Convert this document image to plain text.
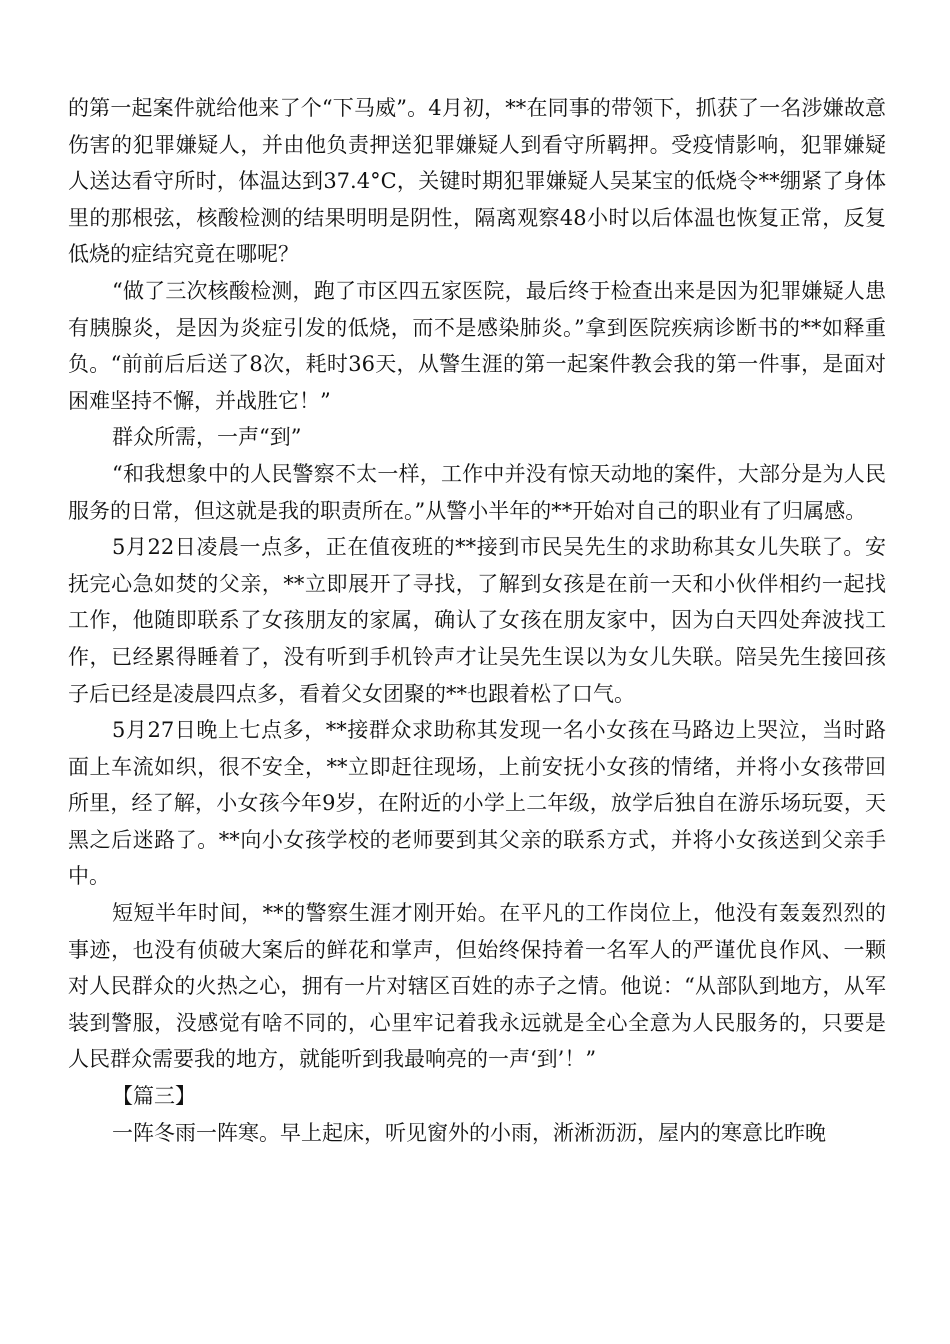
的第一起案件就给他来了个“下马威”。4月初，**在同事的带领下，抓获了一名涉嫌故意伤害的犯罪嫌疑人，并由他负责押送犯罪嫌疑人到看守所羁押。受疫情影响，犯罪嫌疑人送达看守所时，体温达到37.4°C，关键时期犯罪嫌疑人吴某宝的低烧令**绷紧了身体里的那根弦，核酸检测的结果明明是阴性，隔离观察48小时以后体温也恢复正常，反复低烧的症结究竟在哪呢？

“做了三次核酸检测，跑了市区四五家医院，最后终于检查出来是因为犯罪嫌疑人患有胰腺炎，是因为炎症引发的低烧，而不是感染肺炎。”拿到医院疾病诊断书的**如释重负。“前前后后送了8次，耗时36天，从警生涯的第一起案件教会我的第一件事，是面对困难坚持不懈，并战胜它！”

群众所需，一声“到”

“和我想象中的人民警察不太一样，工作中并没有惊天动地的案件，大部分是为人民服务的日常，但这就是我的职责所在。”从警小半年的**开始对自己的职业有了归属感。

5月22日凌晨一点多，正在值夜班的**接到市民吴先生的求助称其女儿失联了。安抚完心急如焚的父亲，**立即展开了寻找，了解到女孩是在前一天和小伙伴相约一起找工作，他随即联系了女孩朋友的家属，确认了女孩在朋友家中，因为白天四处奔波找工作，已经累得睡着了，没有听到手机铃声才让吴先生误以为女儿失联。陪吴先生接回孩子后已经是凌晨四点多，看着父女团聚的**也跟着松了口气。

5月27日晚上七点多，**接群众求助称其发现一名小女孩在马路边上哭泣，当时路面上车流如织，很不安全，**立即赶往现场，上前安抚小女孩的情绪，并将小女孩带回所里，经了解，小女孩今年9岁，在附近的小学上二年级，放学后独自在游乐场玩耍，天黑之后迷路了。**向小女孩学校的老师要到其父亲的联系方式，并将小女孩送到父亲手中。

短短半年时间，**的警察生涯才刚开始。在平凡的工作岗位上，他没有轰轰烈烈的事迹，也没有侦破大案后的鲜花和掌声，但始终保持着一名军人的严谨优良作风、一颗对人民群众的火热之心，拥有一片对辖区百姓的赤子之情。他说：“从部队到地方，从军装到警服，没感觉有啥不同的，心里牢记着我永远就是全心全意为人民服务的，只要是人民群众需要我的地方，就能听到我最响亮的一声‘到’！”

【篇三】

一阵冬雨一阵寒。早上起床，听见窗外的小雨，淅淅沥沥，屋内的寒意比昨晚
